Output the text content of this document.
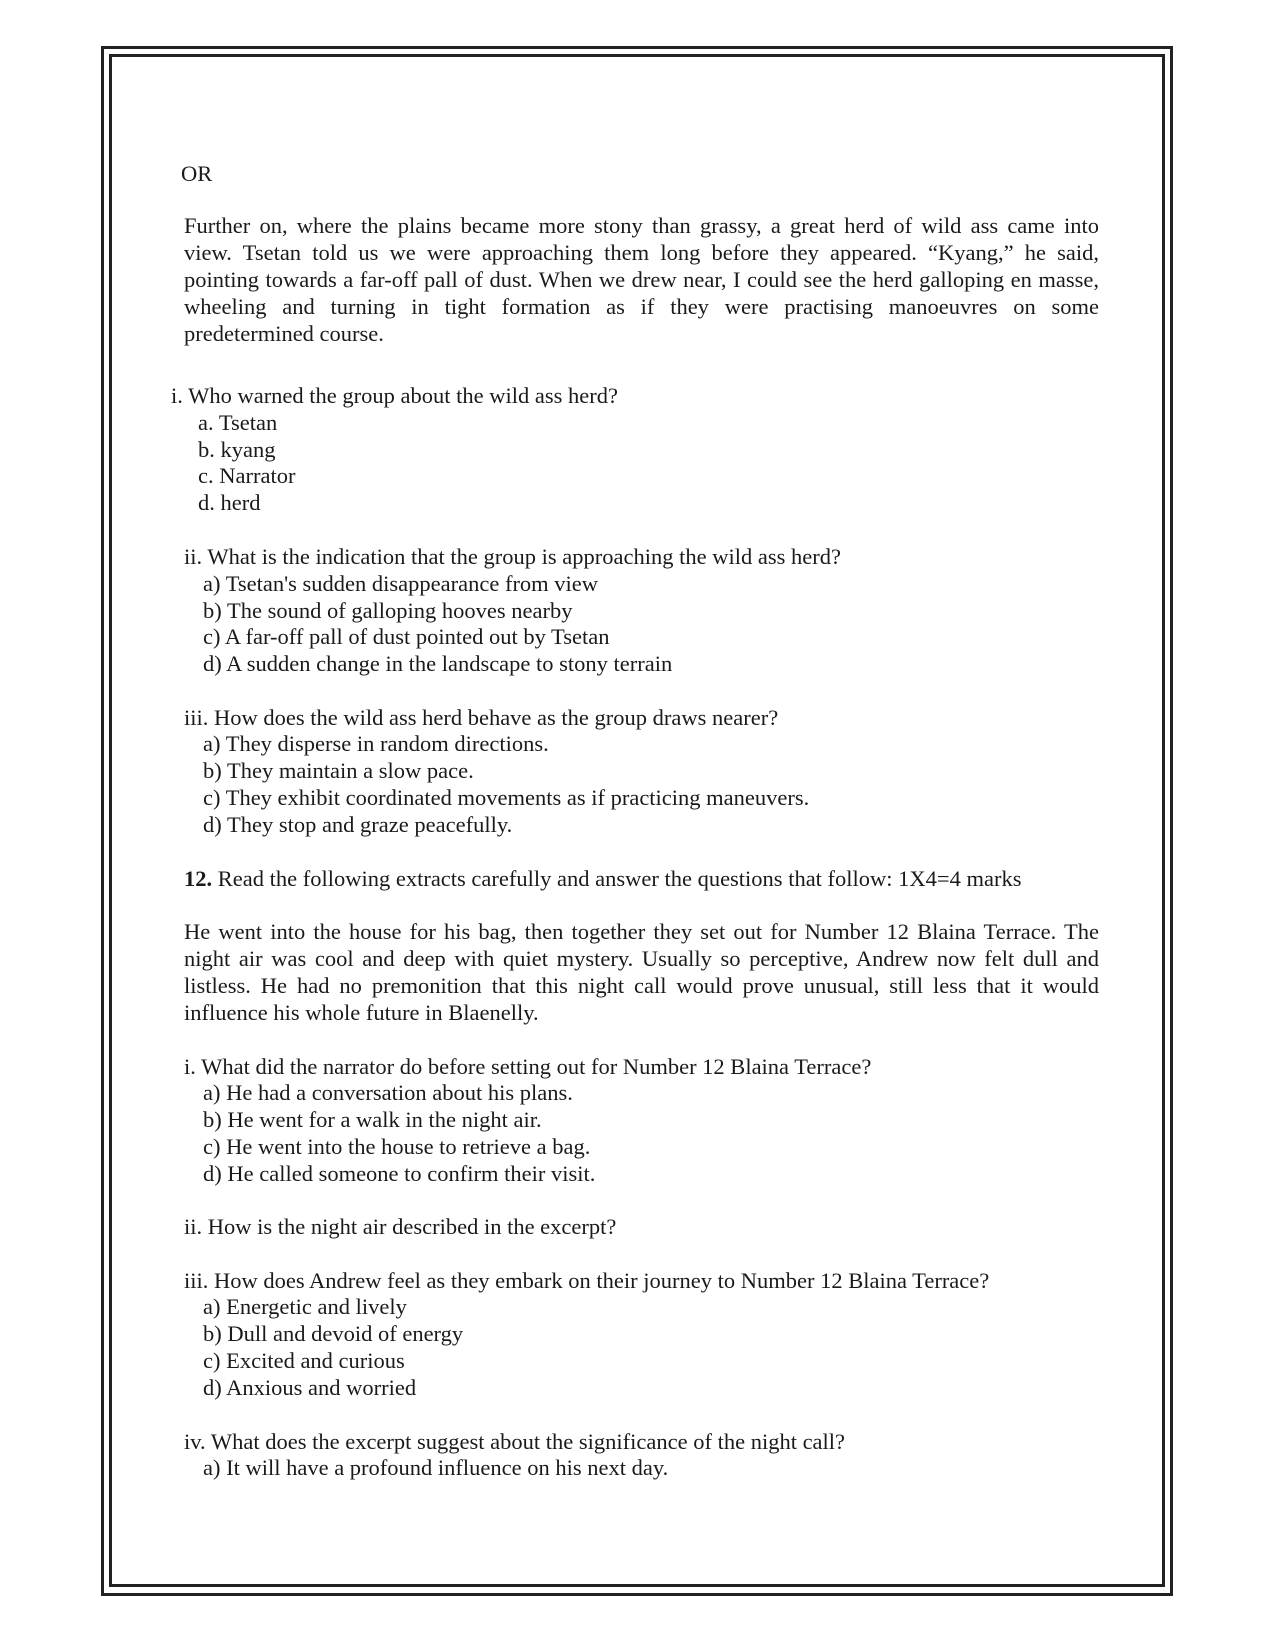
OR
Further on, where the plains became more stony than grassy, a great herd of wild ass came into
view. Tsetan told us we were approaching them long before they appeared. “Kyang,” he said,
pointing towards a far-off pall of dust. When we drew near, I could see the herd galloping en masse,
wheeling and turning in tight formation as if they were practising manoeuvres on some
predetermined course.
i. Who warned the group about the wild ass herd?
a. Tsetan
b. kyang
c. Narrator
d. herd
ii. What is the indication that the group is approaching the wild ass herd?
a) Tsetan's sudden disappearance from view
b) The sound of galloping hooves nearby
c) A far-off pall of dust pointed out by Tsetan
d) A sudden change in the landscape to stony terrain
iii. How does the wild ass herd behave as the group draws nearer?
a) They disperse in random directions.
b) They maintain a slow pace.
c) They exhibit coordinated movements as if practicing maneuvers.
d) They stop and graze peacefully.
12. Read the following extracts carefully and answer the questions that follow: 1X4=4 marks
He went into the house for his bag, then together they set out for Number 12 Blaina Terrace. The
night air was cool and deep with quiet mystery. Usually so perceptive, Andrew now felt dull and
listless. He had no premonition that this night call would prove unusual, still less that it would
influence his whole future in Blaenelly.
i. What did the narrator do before setting out for Number 12 Blaina Terrace?
a) He had a conversation about his plans.
b) He went for a walk in the night air.
c) He went into the house to retrieve a bag.
d) He called someone to confirm their visit.
ii. How is the night air described in the excerpt?
iii. How does Andrew feel as they embark on their journey to Number 12 Blaina Terrace?
a) Energetic and lively
b) Dull and devoid of energy
c) Excited and curious
d) Anxious and worried
iv. What does the excerpt suggest about the significance of the night call?
a) It will have a profound influence on his next day.
